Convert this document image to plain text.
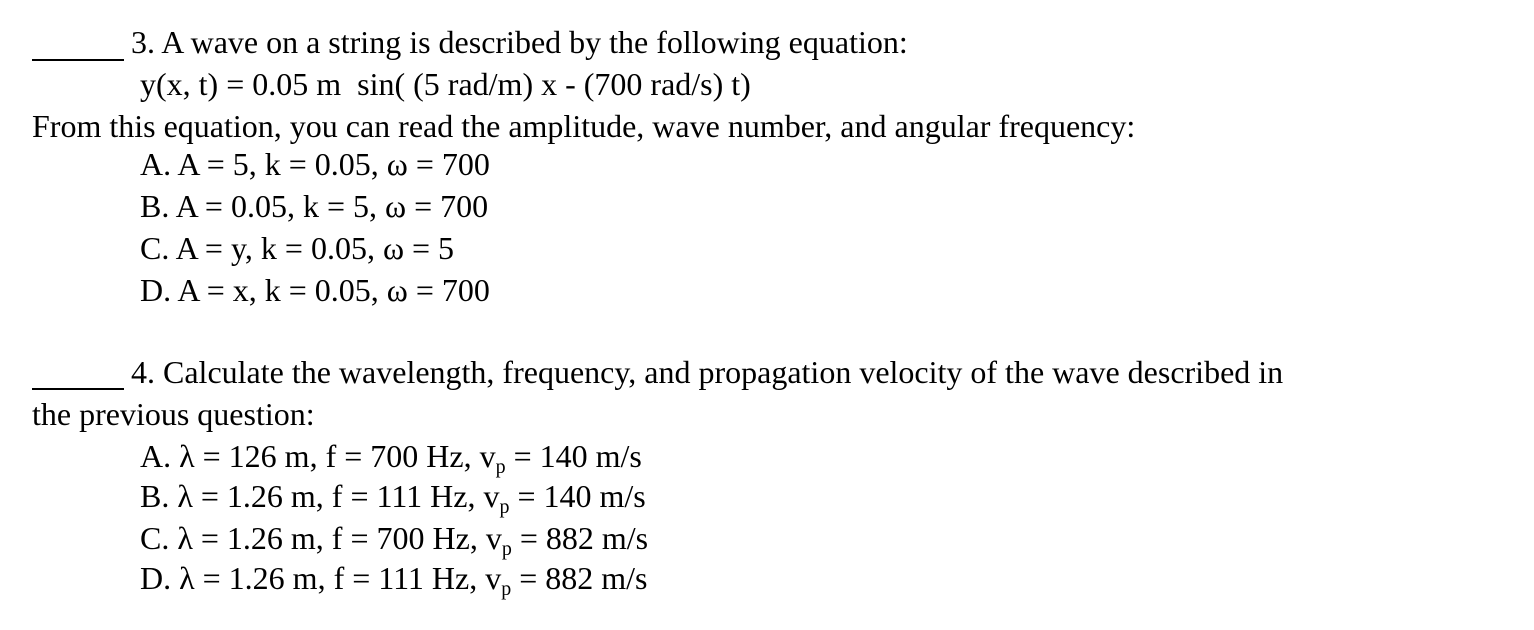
3. A wave on a string is described by the following equation:
y(x, t) = 0.05 m  sin( (5 rad/m) x - (700 rad/s) t)
From this equation, you can read the amplitude, wave number, and angular frequency:
A. A = 5, k = 0.05, ω = 700
B. A = 0.05, k = 5, ω = 700
C. A = y, k = 0.05, ω = 5
D. A = x, k = 0.05, ω = 700
4. Calculate the wavelength, frequency, and propagation velocity of the wave described in
the previous question:
A. λ = 126 m, f = 700 Hz, $v_p = 140$ m/s
B. λ = 1.26 m, f = 111 Hz, $v_p = 140$ m/s
C. λ = 1.26 m, f = 700 Hz, $v_p = 882$ m/s
D. λ = 1.26 m, f = 111 Hz, $v_p = 882$ m/s
